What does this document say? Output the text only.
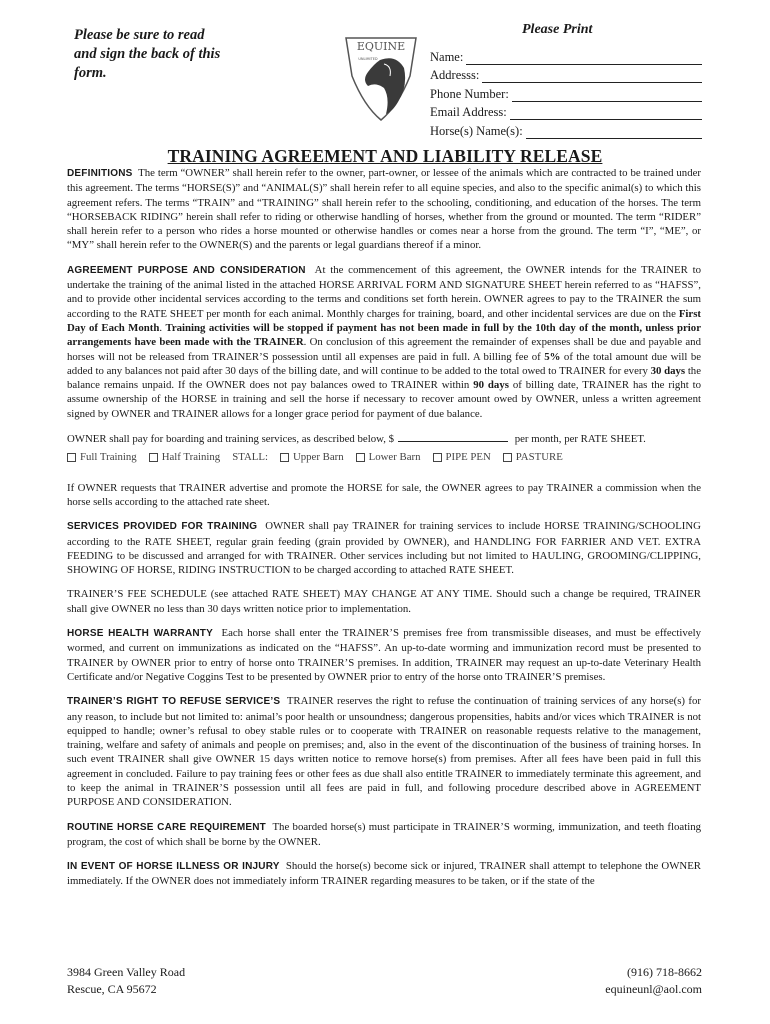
Please be sure to read
and sign the back of this
form.
EQUINE
UNLIMITED
Please Print
Name:
Addresss:
Phone Number:
Email Address:
Horse(s) Name(s):
TRAINING AGREEMENT AND LIABILITY RELEASE

DEFINITIONS The term “OWNER” shall herein refer to the owner, part-owner, or lessee of the animals which are contracted to be trained under this agreement. The terms “HORSE(S)” and “ANIMAL(S)” shall herein refer to all equine species, and also to the specific animal(s) to which this agreement refers. The terms “TRAIN” and “TRAINING” shall herein refer to the schooling, conditioning, and education of the horses. The term “HORSEBACK RIDING” herein shall refer to riding or otherwise handling of horses, whether from the ground or mounted. The term “RIDER” shall herein refer to a person who rides a horse mounted or otherwise handles or comes near a horse from the ground. The term “I”, “ME”, or “MY” shall herein refer to the OWNER(S) and the parents or legal guardians thereof if a minor.

AGREEMENT PURPOSE AND CONSIDERATION At the commencement of this agreement, the OWNER intends for the TRAINER to undertake the training of the animal listed in the attached HORSE ARRIVAL FORM AND SIGNATURE SHEET herein referred to as “HAFSS”, and to provide other incidental services according to the terms and conditions set forth herein. OWNER agrees to pay to the TRAINER the sum according to the RATE SHEET per month for each animal. Monthly charges for training, board, and other incidental services are due on the First Day of Each Month. Training activities will be stopped if payment has not been made in full by the 10th day of the month, unless prior arrangements have been made with the TRAINER. On conclusion of this agreement the remainder of expenses shall be due and payable and horses will not be released from TRAINER’S possession until all expenses are paid in full. A billing fee of 5% of the total amount due will be added to any balances not paid after 30 days of the billing date, and will continue to be added to the total owed to TRAINER for every 30 days the balance remains unpaid. If the OWNER does not pay balances owed to TRAINER within 90 days of billing date, TRAINER has the right to assume ownership of the HORSE in training and sell the horse if necessary to recover amount owed by OWNER, unless a written agreement signed by OWNER and TRAINER allows for a longer grace period for payment of due balance.

OWNER shall pay for boarding and training services, as described below, $	per month, per RATE SHEET.

Full Training Half Training STALL: Upper Barn Lower Barn PIPE PEN PASTURE

If OWNER requests that TRAINER advertise and promote the HORSE for sale, the OWNER agrees to pay TRAINER a commission when the horse sells according to the attached rate sheet.

SERVICES PROVIDED FOR TRAINING OWNER shall pay TRAINER for training services to include HORSE TRAINING/SCHOOLING according to the RATE SHEET, regular grain feeding (grain provided by OWNER), and HANDLING FOR FARRIER AND VET. EXTRA FEEDING to be discussed and arranged for with TRAINER. Other services including but not limited to HAULING, GROOMING/CLIPPING, SHOWING OF HORSE, RIDING INSTRUCTION to be charged according to attached RATE SHEET.

TRAINER’S FEE SCHEDULE (see attached RATE SHEET) MAY CHANGE AT ANY TIME. Should such a change be required, TRAINER shall give OWNER no less than 30 days written notice prior to implementation.

HORSE HEALTH WARRANTY Each horse shall enter the TRAINER’S premises free from transmissible diseases, and must be effectively wormed, and current on immunizations as indicated on the “HAFSS”. An up-to-date worming and immunization record must be presented to TRAINER by OWNER prior to entry of horse onto TRAINER’S premises. In addition, TRAINER may request an up-to-date Veterinary Health Certificate and/or Negative Coggins Test to be presented by OWNER prior to entry of the horse onto TRAINER’S premises.

TRAINER’S RIGHT TO REFUSE SERVICE’S TRAINER reserves the right to refuse the continuation of training services of any horse(s) for any reason, to include but not limited to: animal’s poor health or unsoundness; dangerous propensities, habits and/or vices which TRAINER is not equipped to handle; owner’s refusal to obey stable rules or to cooperate with TRAINER on reasonable requests relative to the management, training, welfare and safety of animals and people on premises; and, also in the event of the discontinuation of the business of training horses. In such event TRAINER shall give OWNER 15 days written notice to remove horse(s) from premises. After all fees have been paid in full this agreement in concluded. Failure to pay training fees or other fees as due shall also entitle TRAINER to immediately terminate this agreement, and to keep the animal in TRAINER’S possession until all fees are paid in full, and following procedure described above in AGREEMENT PURPOSE AND CONSIDERATION.

ROUTINE HORSE CARE REQUIREMENT The boarded horse(s) must participate in TRAINER’S worming, immunization, and teeth floating program, the cost of which shall be borne by the OWNER.

IN EVENT OF HORSE ILLNESS OR INJURY Should the horse(s) become sick or injured, TRAINER shall attempt to telephone the OWNER immediately. If the OWNER does not immediately inform TRAINER regarding measures to be taken, or if the state of the

3984 Green Valley Road
Rescue, CA 95672
(916) 718-8662
equineunl@aol.com
